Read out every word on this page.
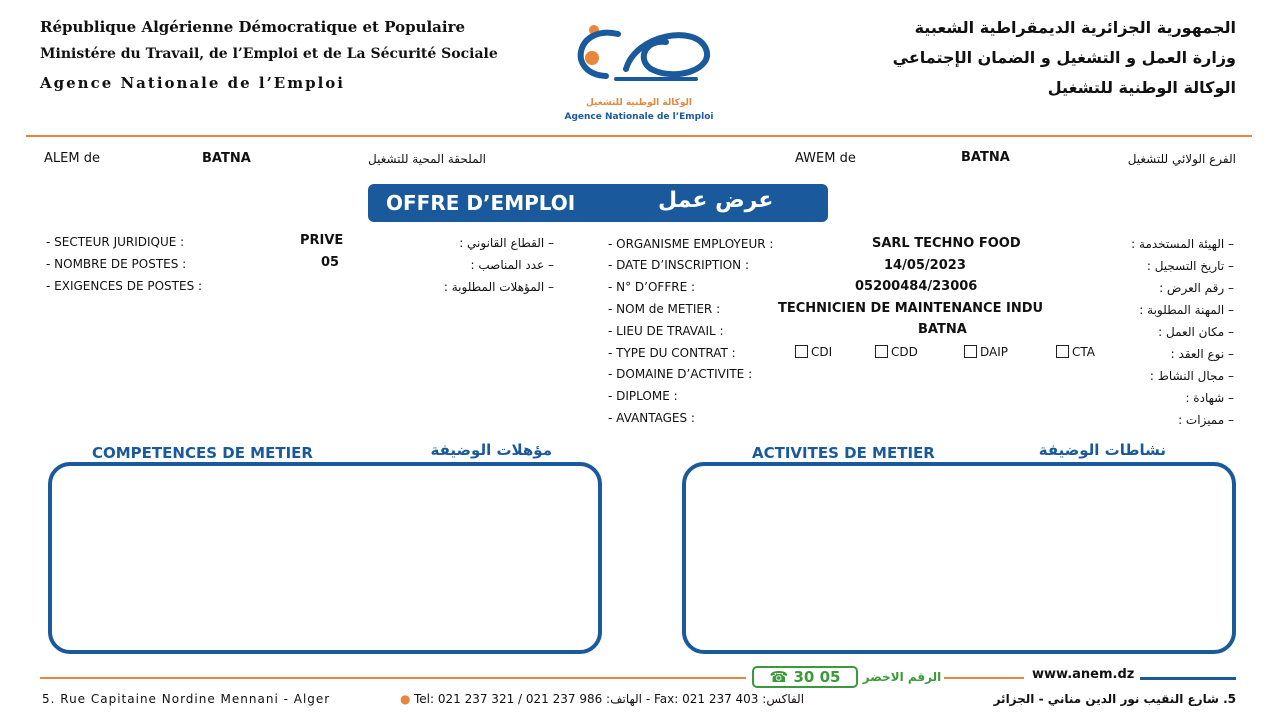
République Algérienne Démocratique et Populaire
Ministére du Travail, de l’Emploi et de La Sécurité Sociale
Agence Nationale de l’Emploi
الوكالة الوطنية للتشغيل
Agence Nationale de l’Emploi
الجمهورية الجزائرية الديمقراطية الشعبية
وزارة العمل و التشغيل و الضمان الإجتماعي
الوكالة الوطنية للتشغيل
ALEM de	BATNA	الملحقة المحية للتشغيل	AWEM de	BATNA	الفرع الولائي للتشغيل
OFFRE D’EMPLOI	عرض عمل
- SECTEUR JURIDIQUE :	PRIVE	– القطاع القانوني :
- NOMBRE DE POSTES :	05	– عدد المناصب :
- EXIGENCES DE POSTES :	– المؤهلات المطلوبة :
- ORGANISME EMPLOYEUR :	SARL TECHNO FOOD	– الهيئة المستخدمة :
- DATE D’INSCRIPTION :	14/05/2023	– تاريخ التسجيل :
- N° D’OFFRE :	05200484/23006	– رقم العرض :
- NOM de METIER :	TECHNICIEN DE MAINTENANCE INDU	– المهنة المطلوبة :
- LIEU DE TRAVAIL :	BATNA	– مكان العمل :
- TYPE DU CONTRAT :	CDI	CDD	DAIP	CTA	– نوع العقد :
- DOMAINE D’ACTIVITE :	– مجال النشاط :
- DIPLOME :	– شهادة :
- AVANTAGES :	– مميزات :
COMPETENCES DE METIER	مؤهلات الوضيفة	ACTIVITES DE METIER	نشاطات الوضيفة
☎ 30 05	الرقم الاخضر	www.anem.dz
5. Rue Capitaine Nordine Mennani - Alger	● Tel: 021 237 321 / 021 237 986 :الهاتف - Fax: 021 237 403 :الفاكس	5. شارع النقيب نور الدين مناني - الجزائر
